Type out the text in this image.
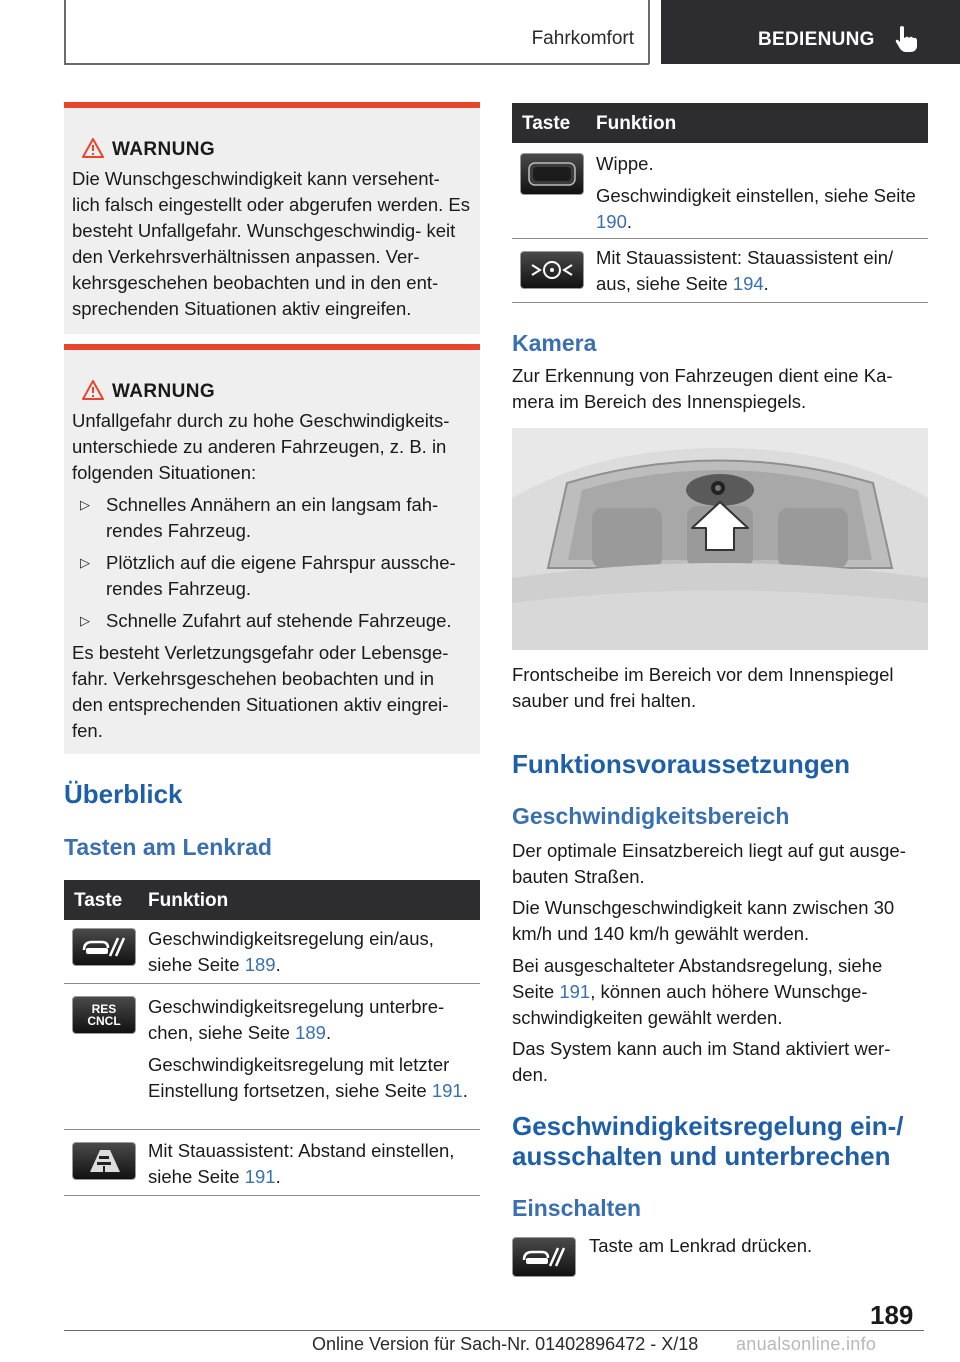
Fahrkomfort	BEDIENUNG
WARNUNG

Die Wunschgeschwindigkeit kann versehent- lich falsch eingestellt oder abgerufen werden. Es besteht Unfallgefahr. Wunschgeschwindig- keit den Verkehrsverhältnissen anpassen. Ver- kehrsgeschehen beobachten und in den ent- sprechenden Situationen aktiv eingreifen.

WARNUNG

Unfallgefahr durch zu hohe Geschwindigkeits- unterschiede zu anderen Fahrzeugen, z. B. in folgenden Situationen:

▷ Schnelles Annähern an ein langsam fah- rendes Fahrzeug.
▷ Plötzlich auf die eigene Fahrspur ausschе- rendes Fahrzeug.
▷ Schnelle Zufahrt auf stehende Fahrzeuge.

Es besteht Verletzungsgefahr oder Lebensge- fahr. Verkehrsgeschehen beobachten und in den entsprechenden Situationen aktiv eingrei- fen.

Überblick
Tasten am Lenkrad
Taste Funktion

Geschwindigkeitsregelung ein/aus, siehe Seite 189.

RES
CNCL

Geschwindigkeitsregelung unterbre- chen, siehe Seite 189.

Geschwindigkeitsregelung mit letzter Einstellung fortsetzen, siehe Seite 191.

Mit Stauassistent: Abstand einstellen, siehe Seite 191.

Taste Funktion

Wippe.

Geschwindigkeit einstellen, siehe Seite 190.

Mit Stauassistent: Stauassistent ein/ aus, siehe Seite 194.

Kamera
Zur Erkennung von Fahrzeugen dient eine Ka- mera im Bereich des Innenspiegels.
Frontscheibe im Bereich vor dem Innenspiegel sauber und frei halten.
Funktionsvoraussetzungen
Geschwindigkeitsbereich
Der optimale Einsatzbereich liegt auf gut ausge- bauten Straßen.
Die Wunschgeschwindigkeit kann zwischen 30 km/h und 140 km/h gewählt werden.
Bei ausgeschalteter Abstandsregelung, siehe Seite 191, können auch höhere Wunschge- schwindigkeiten gewählt werden.
Das System kann auch im Stand aktiviert wer- den.
Geschwindigkeitsregelung ein-/
ausschalten und unterbrechen
Einschalten
Taste am Lenkrad drücken.
189
Online Version für Sach-Nr. 01402896472 - X/18 anualsonline.info
